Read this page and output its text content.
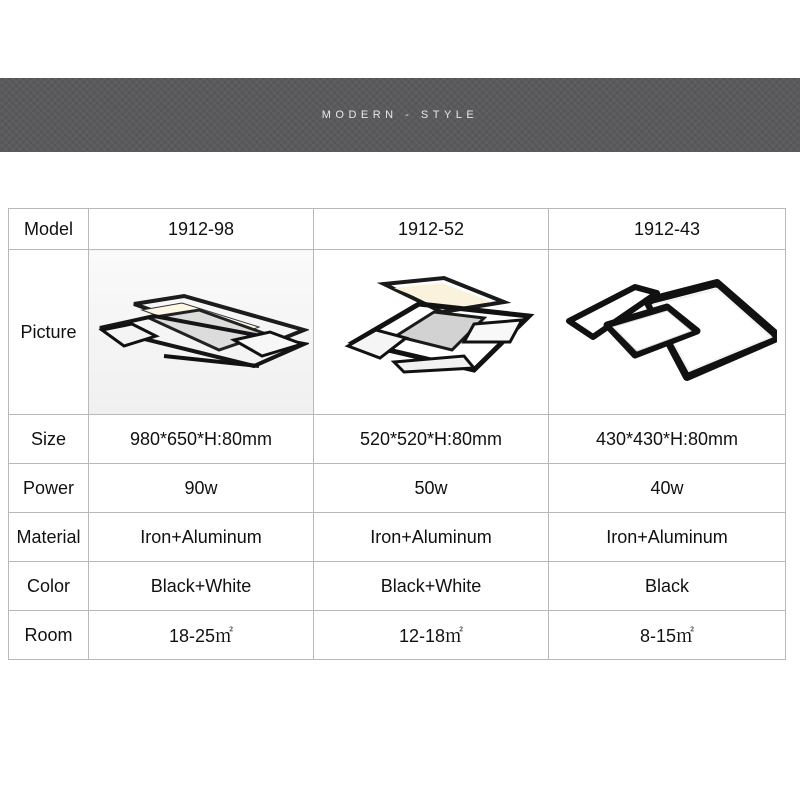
MODERN - STYLE
Model	1912-98	1912-52	1912-43
Picture	

Size	980*650*H:80mm	520*520*H:80mm	430*430*H:80mm
Power	90w	50w	40w
Material	Iron+Aluminum	Iron+Aluminum	Iron+Aluminum
Color	Black+White	Black+White	Black
Room	18-25㎡	12-18㎡	8-15㎡
